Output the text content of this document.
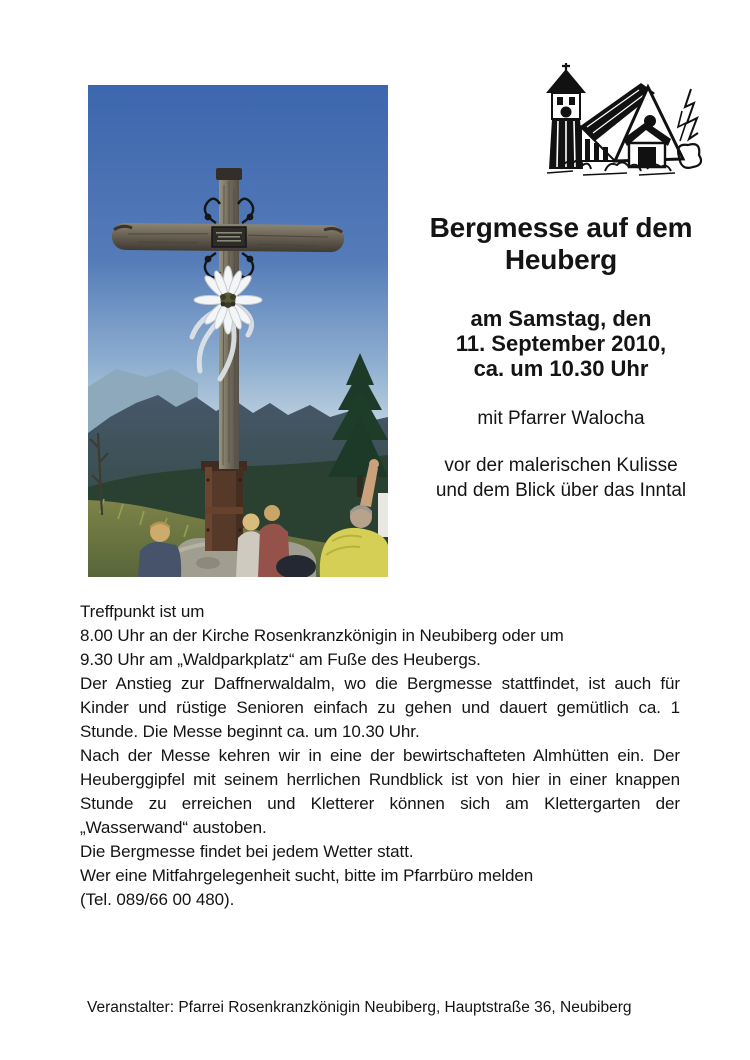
Bergmesse auf dem
Heuberg
am Samstag, den
11. September 2010,
ca. um 10.30 Uhr
mit Pfarrer Walocha
vor der malerischen Kulisse
und dem Blick über das Inntal

Treffpunkt ist um
8.00 Uhr an der Kirche Rosenkranzkönigin in Neubiberg oder um
9.30 Uhr am „Waldparkplatz“ am Fuße des Heubergs.

Der Anstieg zur Daffnerwaldalm, wo die Bergmesse stattfindet, ist auch für
Kinder und rüstige Senioren einfach zu gehen und dauert gemütlich ca. 1
Stunde. Die Messe beginnt ca. um 10.30 Uhr.

Nach der Messe kehren wir in eine der bewirtschafteten Almhütten ein. Der
Heuberggipfel mit seinem herrlichen Rundblick ist von hier in einer knappen
Stunde zu erreichen und Kletterer können sich am Klettergarten der
„Wasserwand“ austoben.

Die Bergmesse findet bei jedem Wetter statt.

Wer eine Mitfahrgelegenheit sucht, bitte im Pfarrbüro melden
(Tel. 089/66 00 480).

Veranstalter: Pfarrei Rosenkranzkönigin Neubiberg, Hauptstraße 36, Neubiberg
